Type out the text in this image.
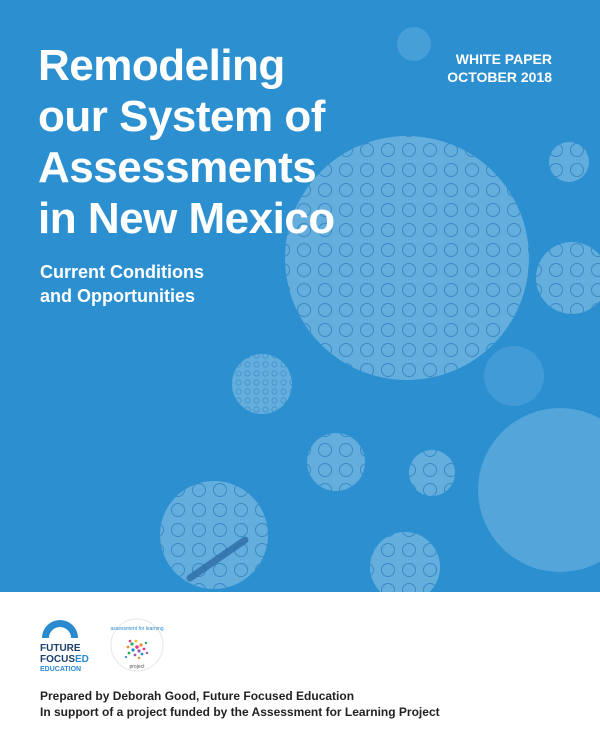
Remodeling
our System of
Assessments
in New Mexico
Current Conditions
and Opportunities
WHITE PAPER
OCTOBER 2018
FUTURE
FOCUSED
EDUCATION
assessment for learning
project
Prepared by Deborah Good, Future Focused Education
In support of a project funded by the Assessment for Learning Project
